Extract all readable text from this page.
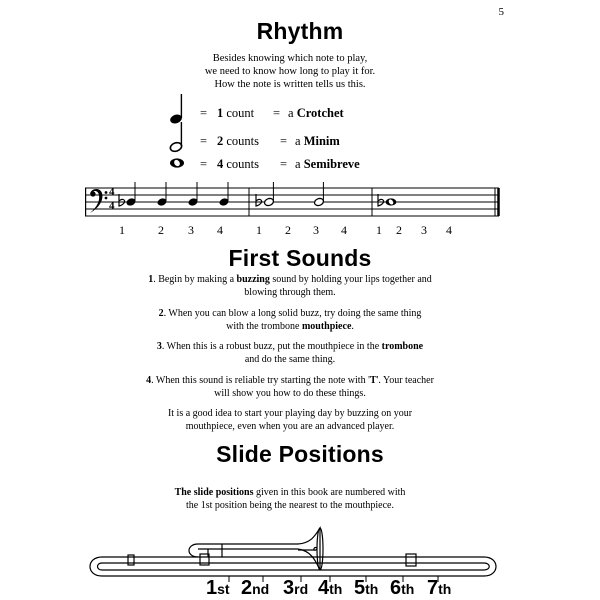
5
Rhythm
Besides knowing which note to play,
we need to know how long to play it for.
How the note is written tells us this.
= 1 count = a Crotchet
= 2 counts = a Minim
= 4 counts = a Semibreve
4
4
1	2 3 4	1 2 3 4 1 2 3 4
First Sounds
1. Begin by making a buzzing sound by holding your lips together and
blowing through them.
2. When you can blow a long solid buzz, try doing the same thing
with the trombone mouthpiece.
3. When this is a robust buzz, put the mouthpiece in the trombone
and do the same thing.
4. When this sound is reliable try starting the note with 'T'. Your teacher
will show you how to do these things.
It is a good idea to start your playing day by buzzing on your
mouthpiece, even when you are an advanced player.
Slide Positions
The slide positions given in this book are numbered with
the 1st position being the nearest to the mouthpiece.
1st 2nd 3rd 4th 5th 6th 7th
